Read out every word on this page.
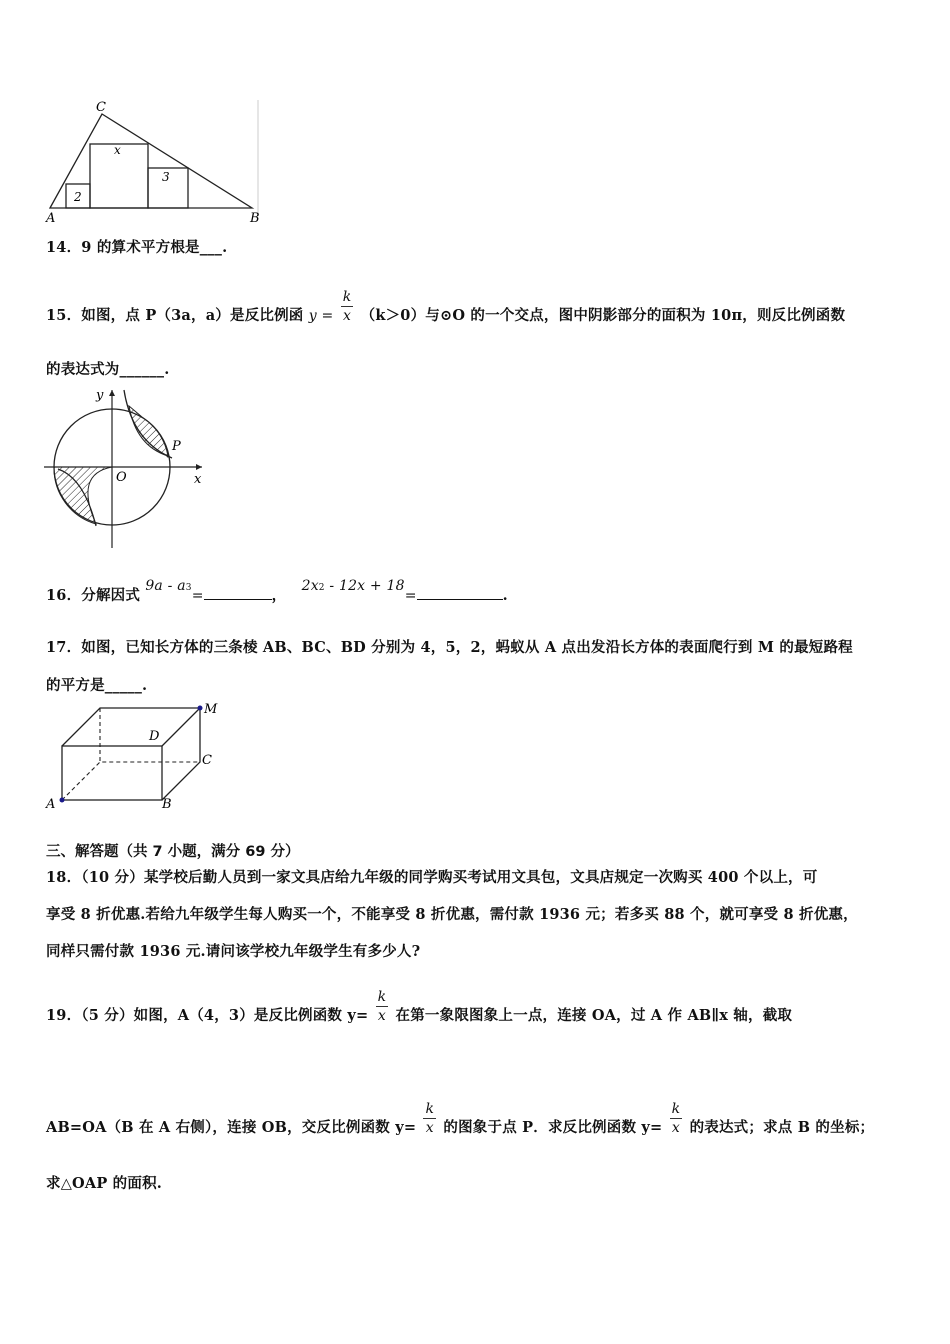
C
A	B
x
2
3
14．9 的算术平方根是___.
15．如图，点 P（3a，a）是反比例函 $y = \frac{k}{x} (k>0)$与⊙O 的一个交点，图中阴影部分的面积为 10π，则反比例函数
的表达式为______.
y
x
O
P
16．分解因式 9a - a3=	， 2x2 - 12x + 18=	.
17．如图，已知长方体的三条棱 AB、BC、BD 分别为 4，5，2，蚂蚁从 A 点出发沿长方体的表面爬行到 M 的最短路程
的平方是_____.
M
D
C
A	B
三、解答题（共 7 小题，满分 69 分）
18．（10 分）某学校后勤人员到一家文具店给九年级的同学购买考试用文具包，文具店规定一次购买 400 个以上，可
享受 8 折优惠.若给九年级学生每人购买一个，不能享受 8 折优惠，需付款 1936 元；若多买 88 个，就可享受 8 折优惠，
同样只需付款 1936 元.请问该学校九年级学生有多少人?
19．（5 分）如图，A（4，3）是反比例函数 $y= \frac{k}{x}$ 在第一象限图象上一点，连接 OA，过 A 作 AB∥x 轴，截取
AB=OA（B 在 A 右侧），连接 OB，交反比例函数 $y= \frac{k}{x}$ 的图象于点 P．求反比例函数 $y= \frac{k}{x}$ 的表达式；求点 B 的坐标；
求△OAP 的面积.
